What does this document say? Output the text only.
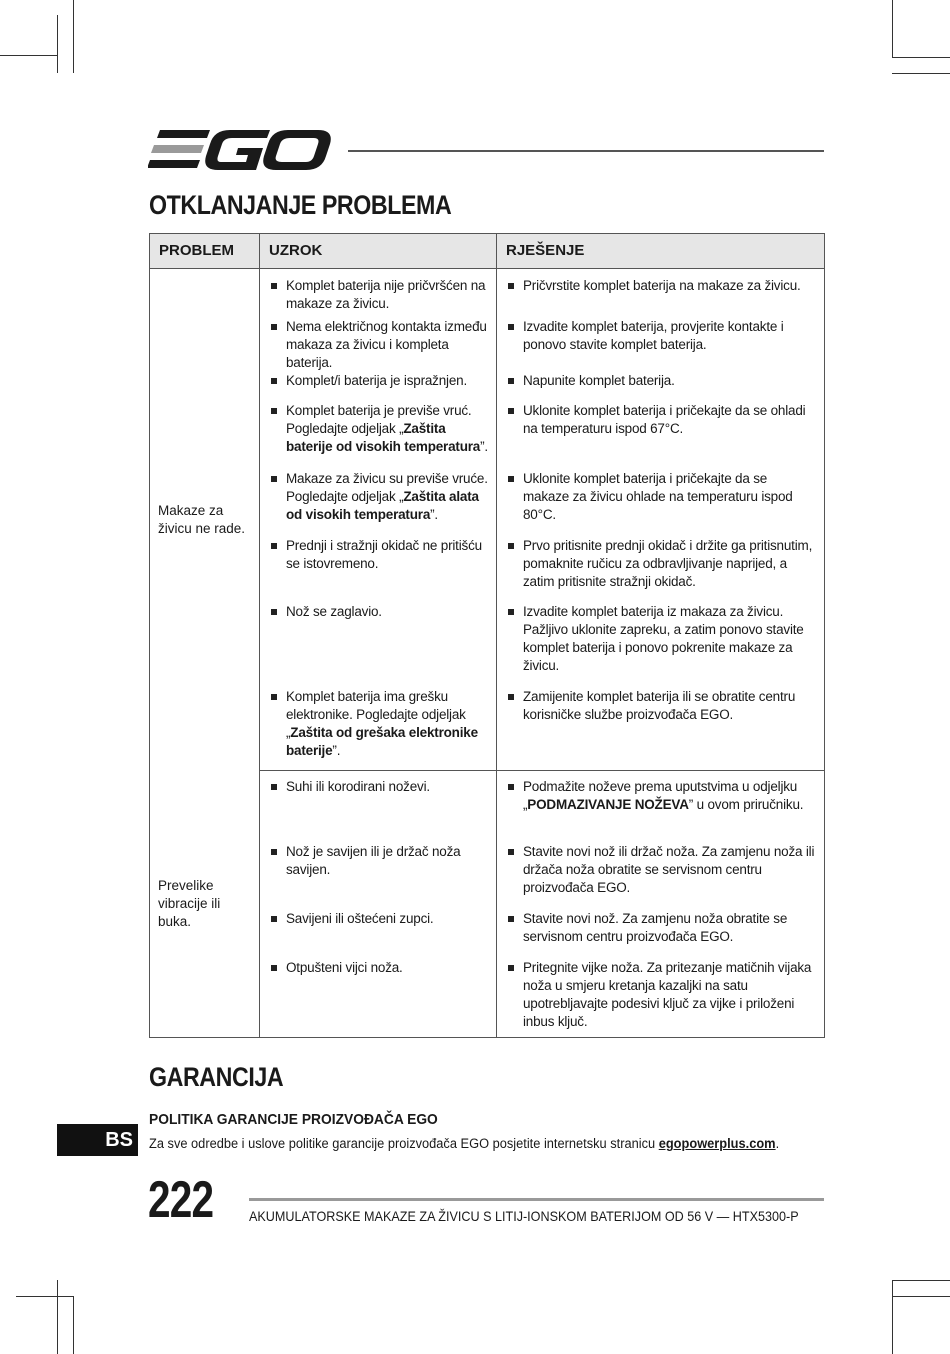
OTKLANJANJE PROBLEMA
PROBLEM	UZROK	RJEŠENJE
Makaze za živicu ne rade.	Komplet baterija nije pričvršćen na makaze za živicu.	Pričvrstite komplet baterija na makaze za živicu.

	Nema električnog kontakta između makaza za živicu i kompleta baterija.	Izvadite komplet baterija, provjerite kontakte i ponovo stavite komplet baterija.

	Komplet/i baterija je ispražnjen.	Napunite komplet baterija.

	Komplet baterija je previše vruć. Pogledajte odjeljak „Zaštita baterije od visokih temperatura”.	Uklonite komplet baterija i pričekajte da se ohladi na temperaturu ispod 67°C.

	Makaze za živicu su previše vruće. Pogledajte odjeljak „Zaštita alata od visokih temperatura”.	Uklonite komplet baterija i pričekajte da se makaze za živicu ohlade na temperaturu ispod 80°C.

	Prednji i stražnji okidač ne pritišću se istovremeno.	Prvo pritisnite prednji okidač i držite ga pritisnutim, pomaknite ručicu za odbravljivanje naprijed, a zatim pritisnite stražnji okidač.

	Nož se zaglavio.	Izvadite komplet baterija iz makaza za živicu. Pažljivo uklonite zapreku, a zatim ponovo stavite komplet baterija i ponovo pokrenite makaze za živicu.

	Komplet baterija ima grešku elektronike. Pogledajte odjeljak „Zaštita od grešaka elektronike baterije”.	Zamijenite komplet baterija ili se obratite centru korisničke službe proizvođača EGO.

Prevelike vibracije ili buka.	Suhi ili korodirani noževi.	Podmažite noževe prema uputstvima u odjeljku „PODMAZIVANJE NOŽEVA” u ovom priručniku.

	Nož je savijen ili je držač noža savijen.	Stavite novi nož ili držač noža. Za zamjenu noža ili držača noža obratite se servisnom centru proizvođača EGO.

	Savijeni ili oštećeni zupci.	Stavite novi nož. Za zamjenu noža obratite se servisnom centru proizvođača EGO.

	Otpušteni vijci noža.	Pritegnite vijke noža. Za pritezanje matičnih vijaka noža u smjeru kretanja kazaljki na satu upotrebljavajte podesivi ključ za vijke i priloženi inbus ključ.
GARANCIJA
POLITIKA GARANCIJE PROIZVOĐAČA EGO
Za sve odredbe i uslove politike garancije proizvođača EGO posjetite internetsku stranicu egopowerplus.com.
BS
222	AKUMULATORSKE MAKAZE ZA ŽIVICU S LITIJ-IONSKOM BATERIJOM OD 56 V — HTX5300-P
